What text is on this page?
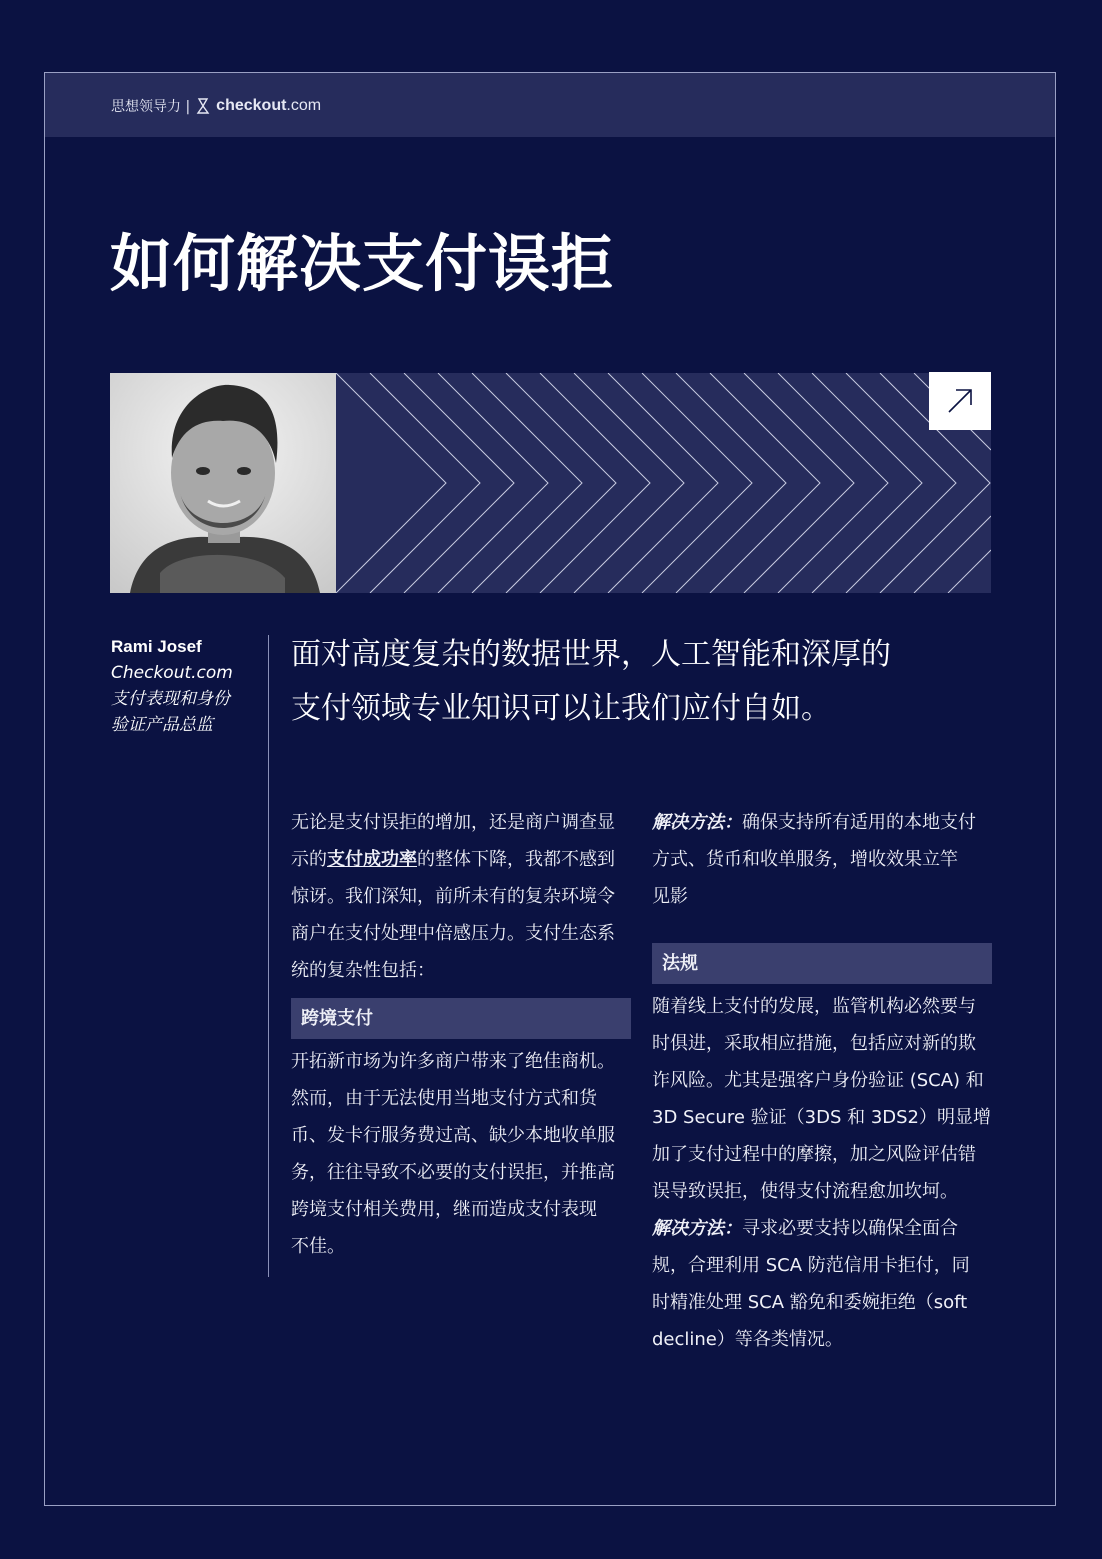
思想领导力 | checkout.com
如何解决支付误拒
Rami Josef
Checkout.com
支付表现和身份
验证产品总监
面对高度复杂的数据世界，人工智能和深厚的
支付领域专业知识可以让我们应付自如。
无论是支付误拒的增加，还是商户调查显
示的支付成功率的整体下降，我都不感到
惊讶。我们深知，前所未有的复杂环境令
商户在支付处理中倍感压力。支付生态系
统的复杂性包括：
跨境支付
开拓新市场为许多商户带来了绝佳商机。
然而，由于无法使用当地支付方式和货
币、发卡行服务费过高、缺少本地收单服
务，往往导致不必要的支付误拒，并推高
跨境支付相关费用，继而造成支付表现
不佳。
解决方法：确保支持所有适用的本地支付
方式、货币和收单服务，增收效果立竿
见影
法规
随着线上支付的发展，监管机构必然要与
时俱进，采取相应措施，包括应对新的欺
诈风险。尤其是强客户身份验证 (SCA) 和
3D Secure 验证（3DS 和 3DS2）明显增
加了支付过程中的摩擦，加之风险评估错
误导致误拒，使得支付流程愈加坎坷。
解决方法：寻求必要支持以确保全面合
规，合理利用 SCA 防范信用卡拒付，同
时精准处理 SCA 豁免和委婉拒绝（soft
decline）等各类情况。
